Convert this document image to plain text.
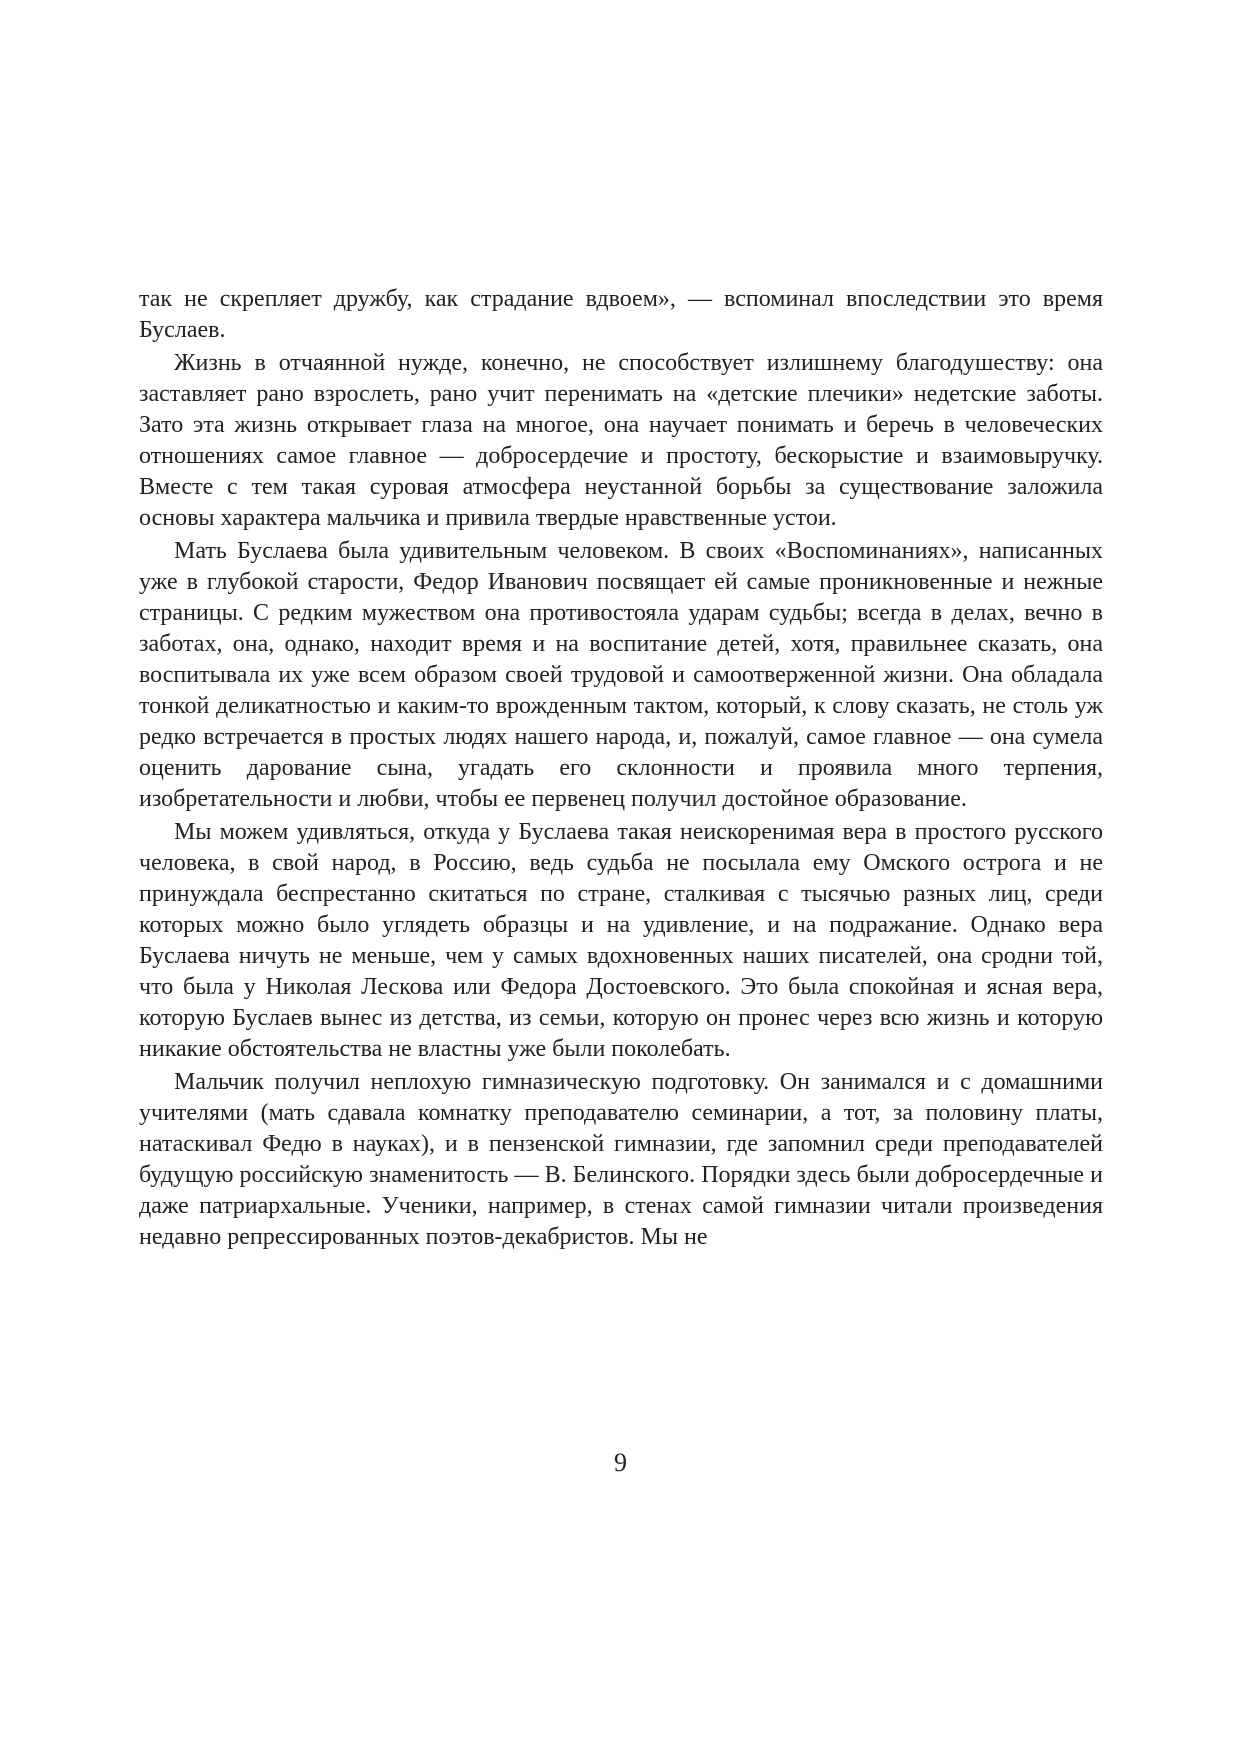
так не скрепляет дружбу, как страдание вдвоем», — вспоминал впоследствии это время Буслаев.

Жизнь в отчаянной нужде, конечно, не способствует излишнему благодушеству: она заставляет рано взрослеть, рано учит перенимать на «детские плечики» недетские заботы. Зато эта жизнь открывает глаза на многое, она научает понимать и беречь в человеческих отношениях самое главное — добросердечие и простоту, бескорыстие и взаимовыручку. Вместе с тем такая суровая атмосфера неустанной борьбы за существование заложила основы характера мальчика и привила твердые нравственные устои.

Мать Буслаева была удивительным человеком. В своих «Воспоминаниях», написанных уже в глубокой старости, Федор Иванович посвящает ей самые проникновенные и нежные страницы. С редким мужеством она противостояла ударам судьбы; всегда в делах, вечно в заботах, она, однако, находит время и на воспитание детей, хотя, правильнее сказать, она воспитывала их уже всем образом своей трудовой и самоотверженной жизни. Она обладала тонкой деликатностью и каким-то врожденным тактом, который, к слову сказать, не столь уж редко встречается в простых людях нашего народа, и, пожалуй, самое главное — она сумела оценить дарование сына, угадать его склонности и проявила много терпения, изобретательности и любви, чтобы ее первенец получил достойное образование.

Мы можем удивляться, откуда у Буслаева такая неискоренимая вера в простого русского человека, в свой народ, в Россию, ведь судьба не посылала ему Омского острога и не принуждала беспрестанно скитаться по стране, сталкивая с тысячью разных лиц, среди которых можно было углядеть образцы и на удивление, и на подражание. Однако вера Буслаева ничуть не меньше, чем у самых вдохновенных наших писателей, она сродни той, что была у Николая Лескова или Федора Достоевского. Это была спокойная и ясная вера, которую Буслаев вынес из детства, из семьи, которую он пронес через всю жизнь и которую никакие обстоятельства не властны уже были поколебать.

Мальчик получил неплохую гимназическую подготовку. Он занимался и с домашними учителями (мать сдавала комнатку преподавателю семинарии, а тот, за половину платы, натаскивал Федю в науках), и в пензенской гимназии, где запомнил среди преподавателей будущую российскую знаменитость — В. Белинского. Порядки здесь были добросердечные и даже патриархальные. Ученики, например, в стенах самой гимназии читали произведения недавно репрессированных поэтов-декабристов. Мы не

9
